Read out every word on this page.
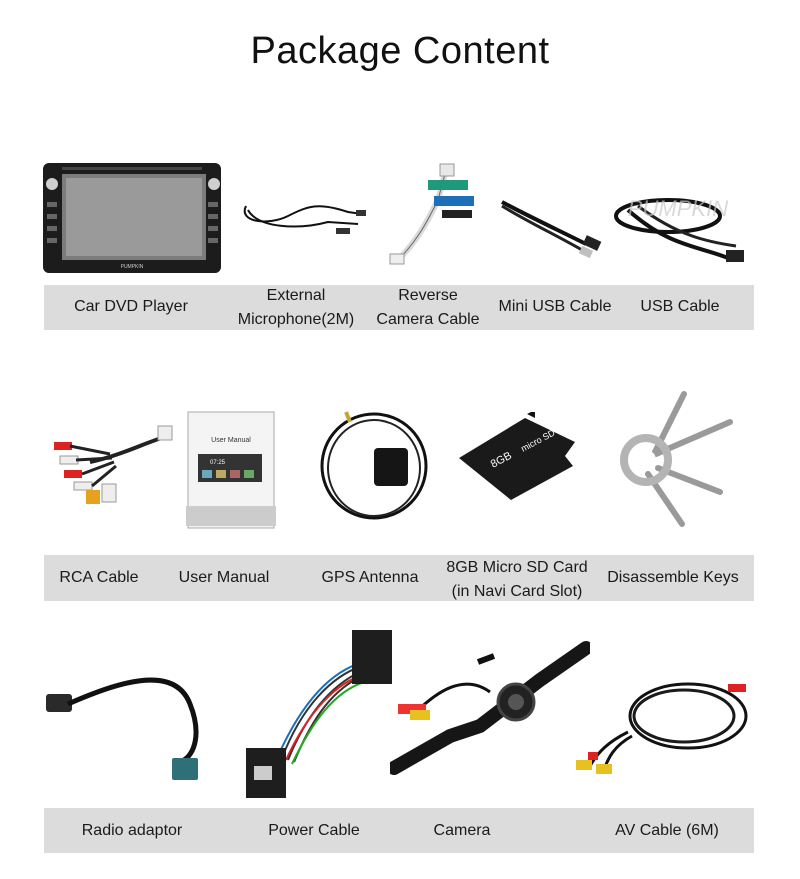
Package Content
PUMPKIN
PUMPKIN
Car DVD Player
External
Microphone(2M)
Reverse
Camera Cable
Mini USB Cable	USB Cable
User Manual
07:25	8GB
micro SD HC
RCA Cable	User Manual	GPS Antenna
8GB Micro SD Card
(in Navi Card Slot)
Disassemble Keys
Radio adaptor	Power Cable	Camera	AV Cable (6M)
